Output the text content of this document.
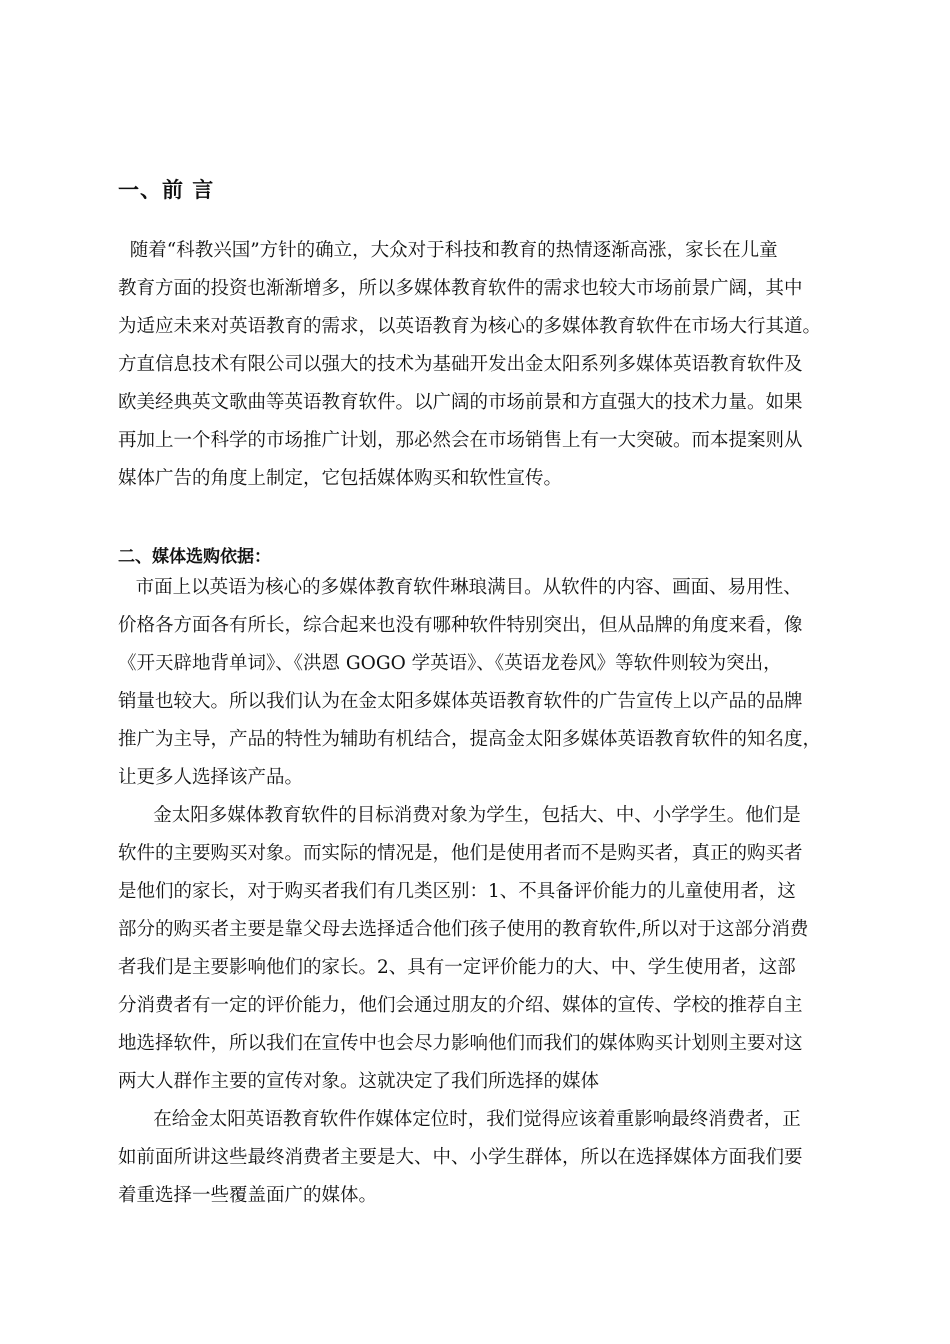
一、前 言

随着“科教兴国”方针的确立，大众对于科技和教育的热情逐渐高涨，家长在儿童

教育方面的投资也渐渐增多，所以多媒体教育软件的需求也较大市场前景广阔，其中

为适应未来对英语教育的需求，以英语教育为核心的多媒体教育软件在市场大行其道。

方直信息技术有限公司以强大的技术为基础开发出金太阳系列多媒体英语教育软件及

欧美经典英文歌曲等英语教育软件。以广阔的市场前景和方直强大的技术力量。如果

再加上一个科学的市场推广计划，那必然会在市场销售上有一大突破。而本提案则从

媒体广告的角度上制定，它包括媒体购买和软性宣传。

二、媒体选购依据：

市面上以英语为核心的多媒体教育软件琳琅满目。从软件的内容、画面、易用性、

价格各方面各有所长，综合起来也没有哪种软件特别突出，但从品牌的角度来看，像

《开天辟地背单词》、《洪恩 GOGO 学英语》、《英语龙卷风》等软件则较为突出，

销量也较大。所以我们认为在金太阳多媒体英语教育软件的广告宣传上以产品的品牌

推广为主导，产品的特性为辅助有机结合，提高金太阳多媒体英语教育软件的知名度，

让更多人选择该产品。

金太阳多媒体教育软件的目标消费对象为学生，包括大、中、小学学生。他们是

软件的主要购买对象。而实际的情况是，他们是使用者而不是购买者，真正的购买者

是他们的家长，对于购买者我们有几类区别：1、不具备评价能力的儿童使用者，这

部分的购买者主要是靠父母去选择适合他们孩子使用的教育软件,所以对于这部分消费

者我们是主要影响他们的家长。2、具有一定评价能力的大、中、学生使用者，这部

分消费者有一定的评价能力，他们会通过朋友的介绍、媒体的宣传、学校的推荐自主

地选择软件，所以我们在宣传中也会尽力影响他们而我们的媒体购买计划则主要对这

两大人群作主要的宣传对象。这就决定了我们所选择的媒体

在给金太阳英语教育软件作媒体定位时，我们觉得应该着重影响最终消费者，正

如前面所讲这些最终消费者主要是大、中、小学生群体，所以在选择媒体方面我们要

着重选择一些覆盖面广的媒体。
